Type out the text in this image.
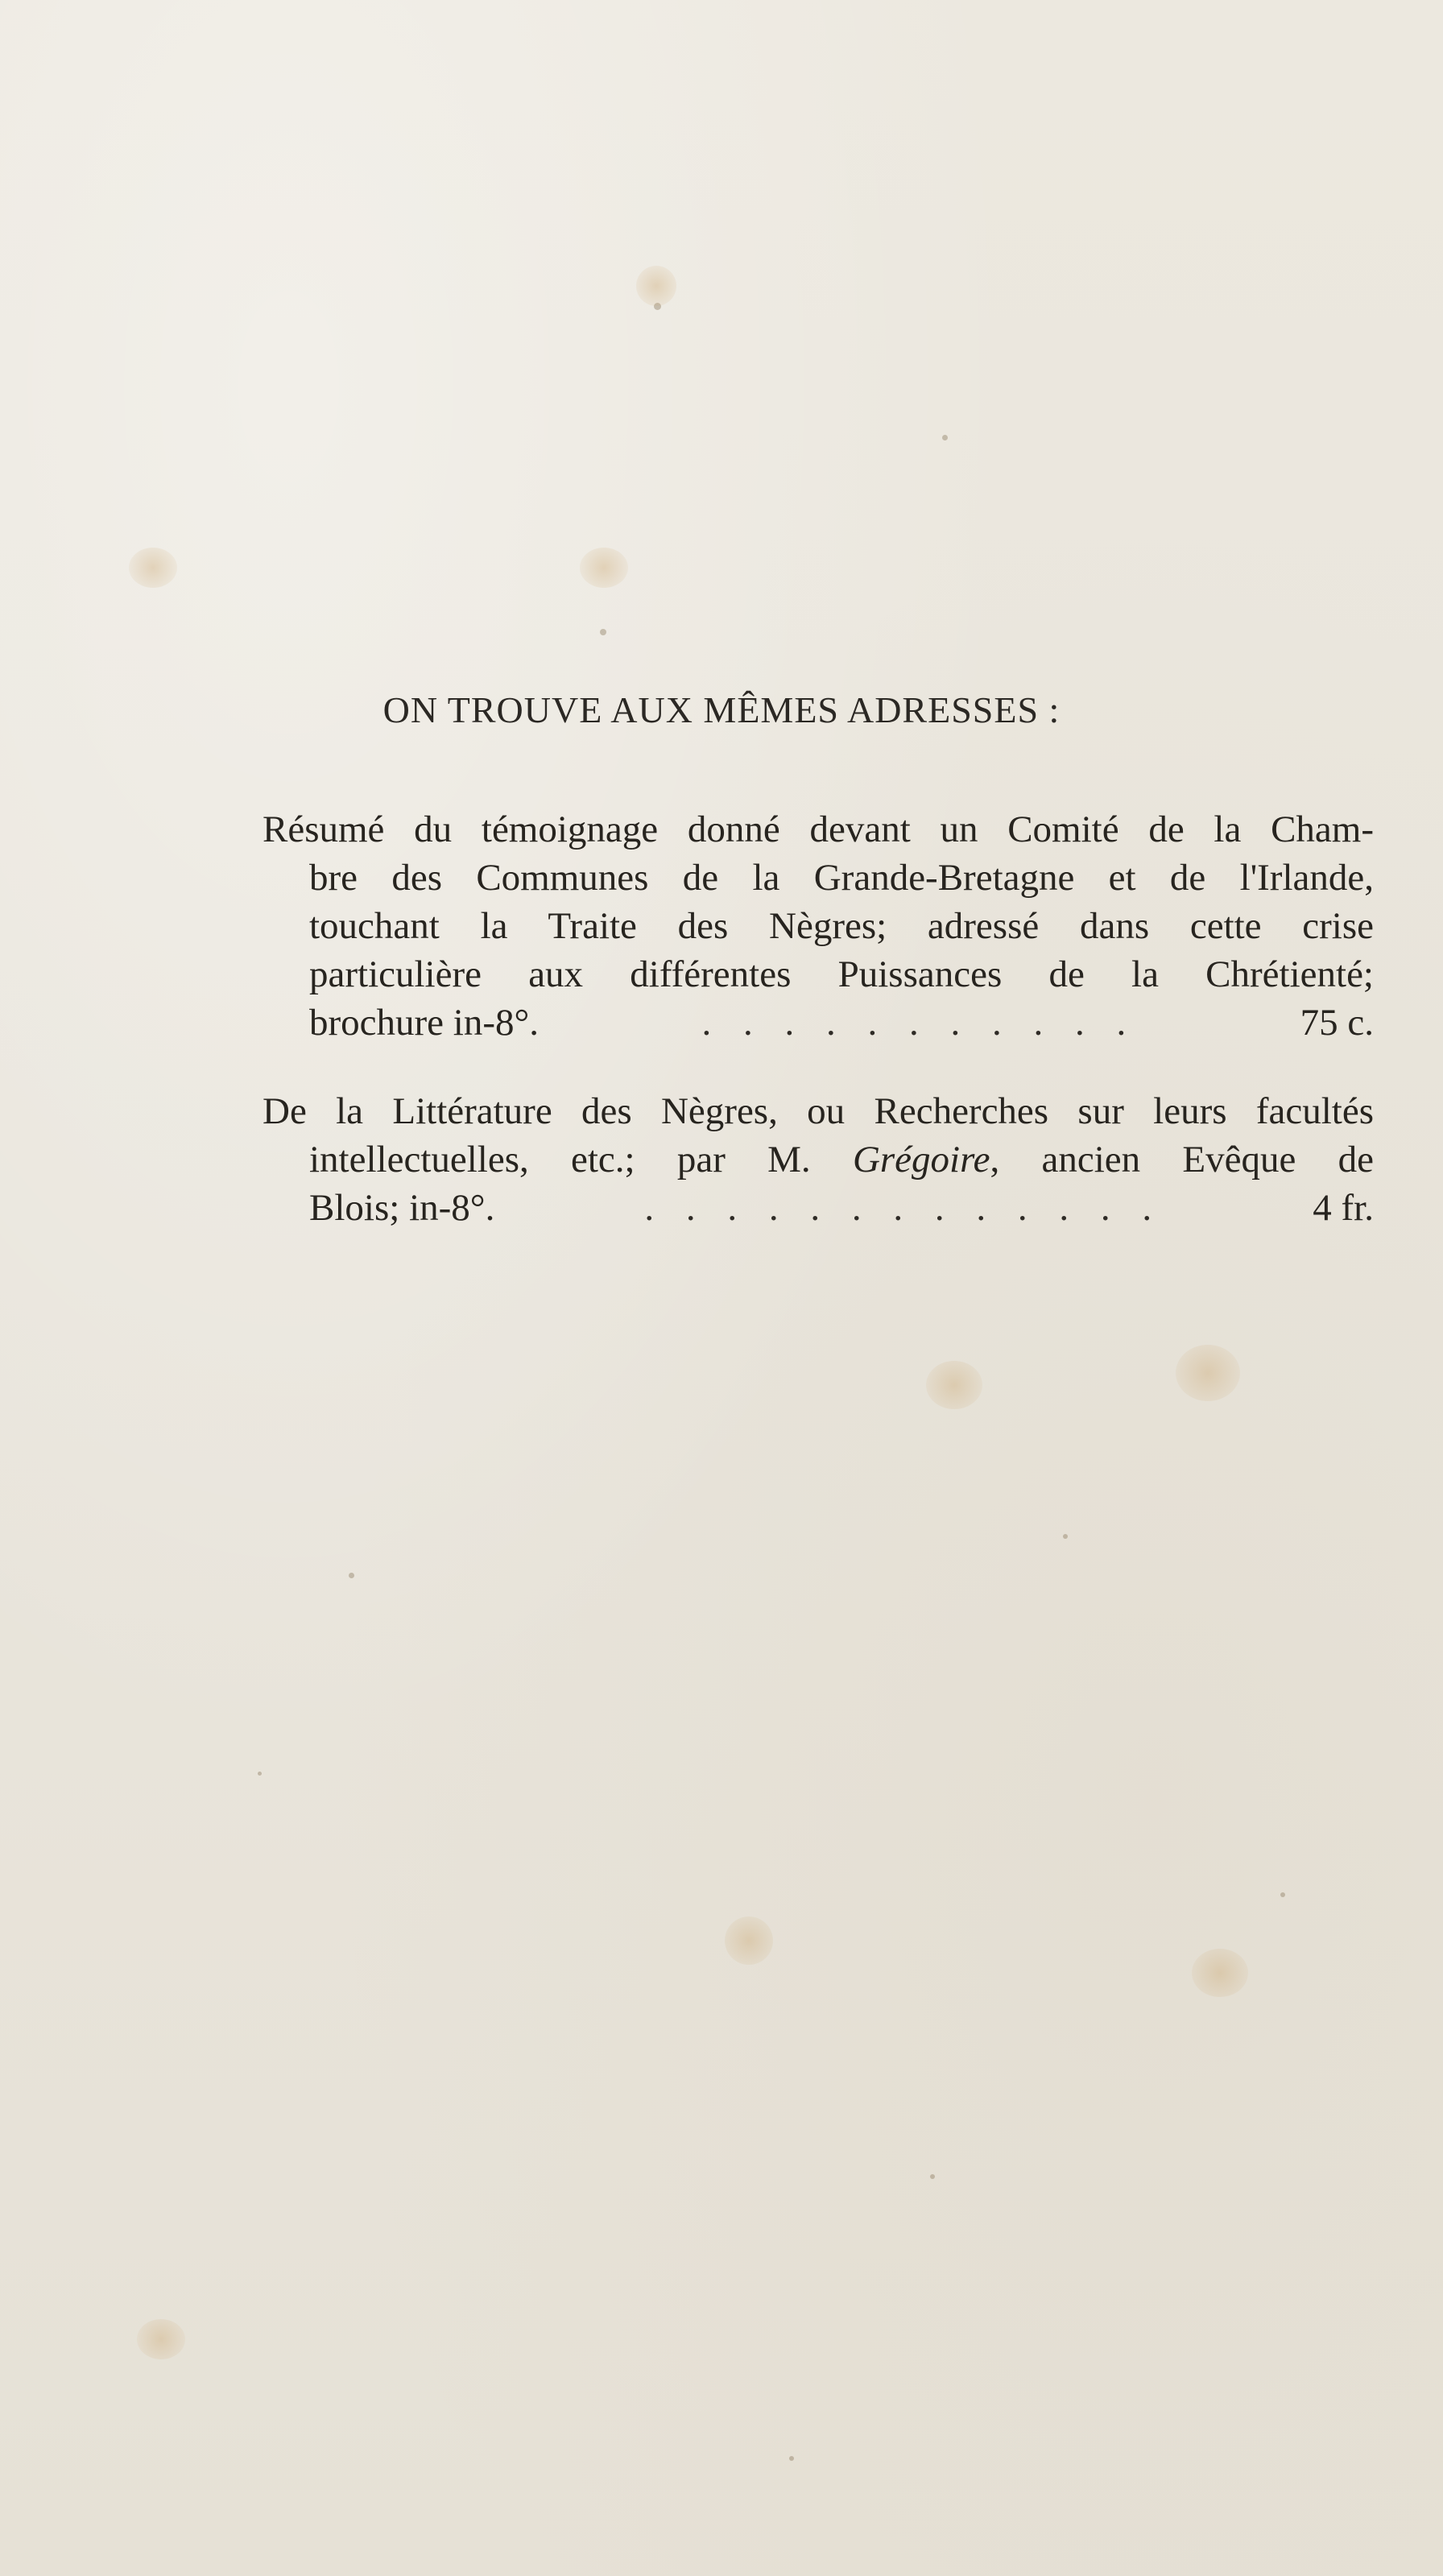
ON TROUVE AUX MÊMES ADRESSES :
Résumé du témoignage donné devant un Comité de la Cham-
bre des Communes de la Grande-Bretagne et de l'Irlande,
touchant la Traite des Nègres; adressé dans cette crise
particulière aux différentes Puissances de la Chrétienté;
brochure in-8°.	. . . . . . . . . . .	75 c.
De la Littérature des Nègres, ou Recherches sur leurs facultés
intellectuelles, etc.; par M. Grégoire, ancien Evêque de
Blois; in-8°.	. . . . . . . . . . . . .	4 fr.
